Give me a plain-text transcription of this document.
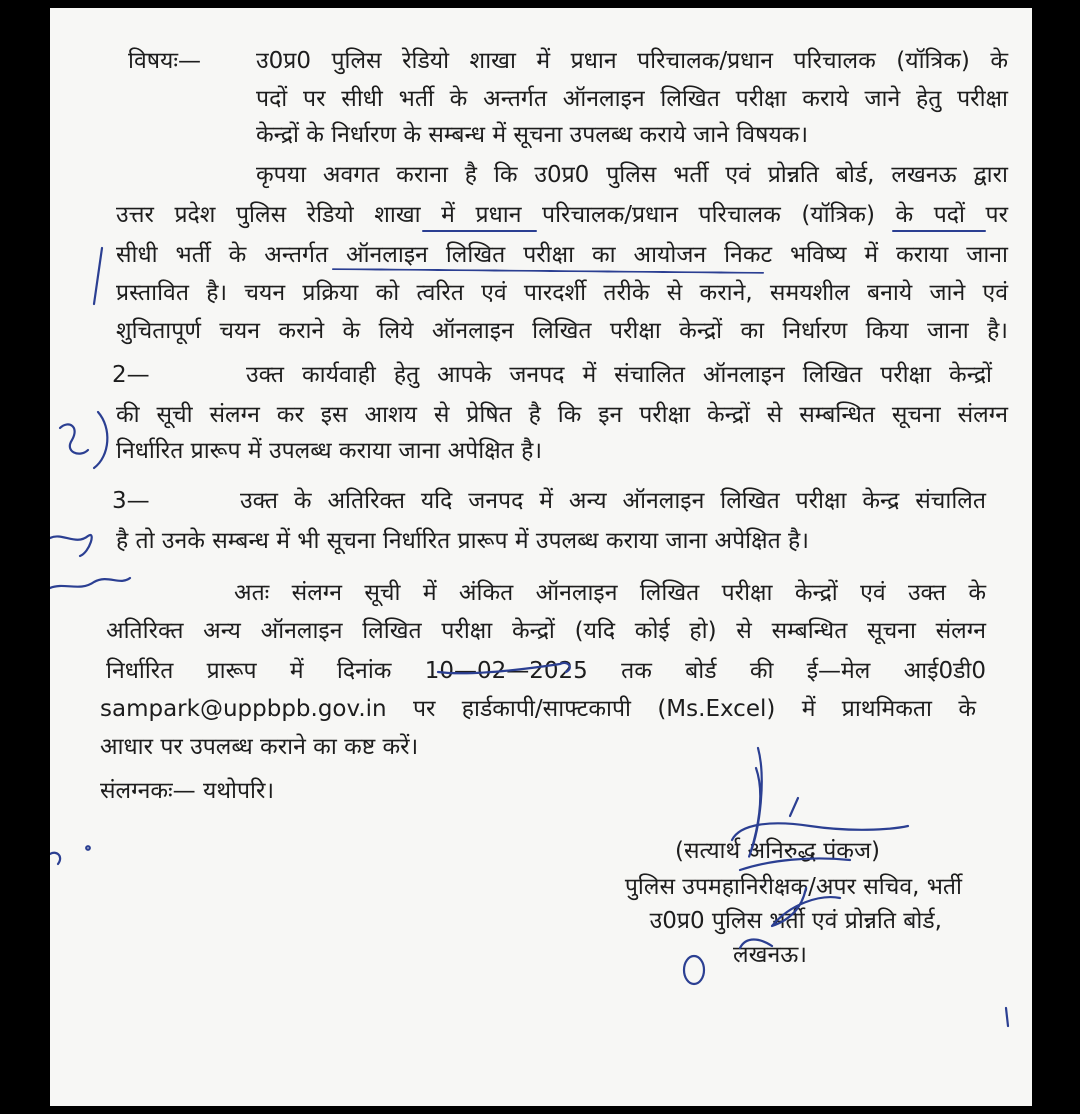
विषयः— उ0प्र0 पुलिस रेडियो शाखा में प्रधान परिचालक/प्रधान परिचालक (यॉत्रिक) के
पदों पर सीधी भर्ती के अन्तर्गत ऑनलाइन लिखित परीक्षा कराये जाने हेतु परीक्षा
केन्द्रों के निर्धारण के सम्बन्ध में सूचना उपलब्ध कराये जाने विषयक।
कृपया अवगत कराना है कि उ0प्र0 पुलिस भर्ती एवं प्रोन्नति बोर्ड, लखनऊ द्वारा
उत्तर प्रदेश पुलिस रेडियो शाखा में प्रधान परिचालक/प्रधान परिचालक (यॉत्रिक) के पदों पर
सीधी भर्ती के अन्तर्गत ऑनलाइन लिखित परीक्षा का आयोजन निकट भविष्य में कराया जाना
प्रस्तावित है। चयन प्रक्रिया को त्वरित एवं पारदर्शी तरीके से कराने, समयशील बनाये जाने एवं
शुचितापूर्ण चयन कराने के लिये ऑनलाइन लिखित परीक्षा केन्द्रों का निर्धारण किया जाना है।
2—	उक्त कार्यवाही हेतु आपके जनपद में संचालित ऑनलाइन लिखित परीक्षा केन्द्रों
की सूची संलग्न कर इस आशय से प्रेषित है कि इन परीक्षा केन्द्रों से सम्बन्धित सूचना संलग्न
निर्धारित प्रारूप में उपलब्ध कराया जाना अपेक्षित है।
3—	उक्त के अतिरिक्त यदि जनपद में अन्य ऑनलाइन लिखित परीक्षा केन्द्र संचालित
है तो उनके सम्बन्ध में भी सूचना निर्धारित प्रारूप में उपलब्ध कराया जाना अपेक्षित है।
अतः संलग्न सूची में अंकित ऑनलाइन लिखित परीक्षा केन्द्रों एवं उक्त के
अतिरिक्त अन्य ऑनलाइन लिखित परीक्षा केन्द्रों (यदि कोई हो) से सम्बन्धित सूचना संलग्न
निर्धारित प्रारूप में दिनांक 10—02—2025 तक बोर्ड की ई—मेल आई0डी0
sampark@uppbpb.gov.in पर हार्डकापी/साफ्टकापी (Ms.Excel) में प्राथमिकता के
आधार पर उपलब्ध कराने का कष्ट करें।
संलग्नकः— यथोपरि।
(सत्यार्थ अनिरुद्ध पंकज)
पुलिस उपमहानिरीक्षक/अपर सचिव, भर्ती
उ0प्र0 पुलिस भर्ती एवं प्रोन्नति बोर्ड,
लखनऊ।
